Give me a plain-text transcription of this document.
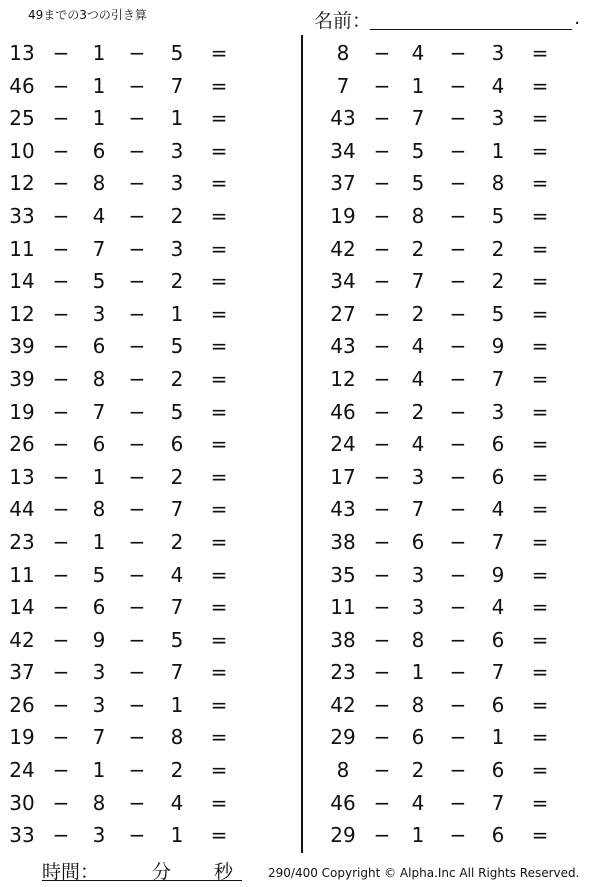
49までの3つの引き算	名前：	.
13 −	1	−	5	=
46 −	1	−	7	=
25 −	1	−	1	=
10 −	6	−	3	=
12 −	8	−	3	=
33 −	4	−	2	=
11 −	7	−	3	=
14 −	5	−	2	=
12 −	3	−	1	=
39 −	6	−	5	=
39 −	8	−	2	=
19 −	7	−	5	=
26 −	6	−	6	=
13 −	1	−	2	=
44 −	8	−	7	=
23 −	1	−	2	=
11 −	5	−	4	=
14 −	6	−	7	=
42 −	9	−	5	=
37 −	3	−	7	=
26 −	3	−	1	=
19 −	7	−	8	=
24 −	1	−	2	=
30 −	8	−	4	=
33 −	3	−	1	=
8	−	4	−	3	=
7	−	1	−	4	=
43 −	7	−	3	=
34 −	5	−	1	=
37 −	5	−	8	=
19 −	8	−	5	=
42 −	2	−	2	=
34 −	7	−	2	=
27 −	2	−	5	=
43 −	4	−	9	=
12 −	4	−	7	=
46 −	2	−	3	=
24 −	4	−	6	=
17 −	3	−	6	=
43 −	7	−	4	=
38 −	6	−	7	=
35 −	3	−	9	=
11 −	3	−	4	=
38 −	8	−	6	=
23 −	1	−	7	=
42 −	8	−	6	=
29 −	6	−	1	=
8	−	2	−	6	=
46 −	4	−	7	=
29 −	1	−	6	=
時間：	分 秒	290/400 Copyright © Alpha.Inc All Rights Reserved.
